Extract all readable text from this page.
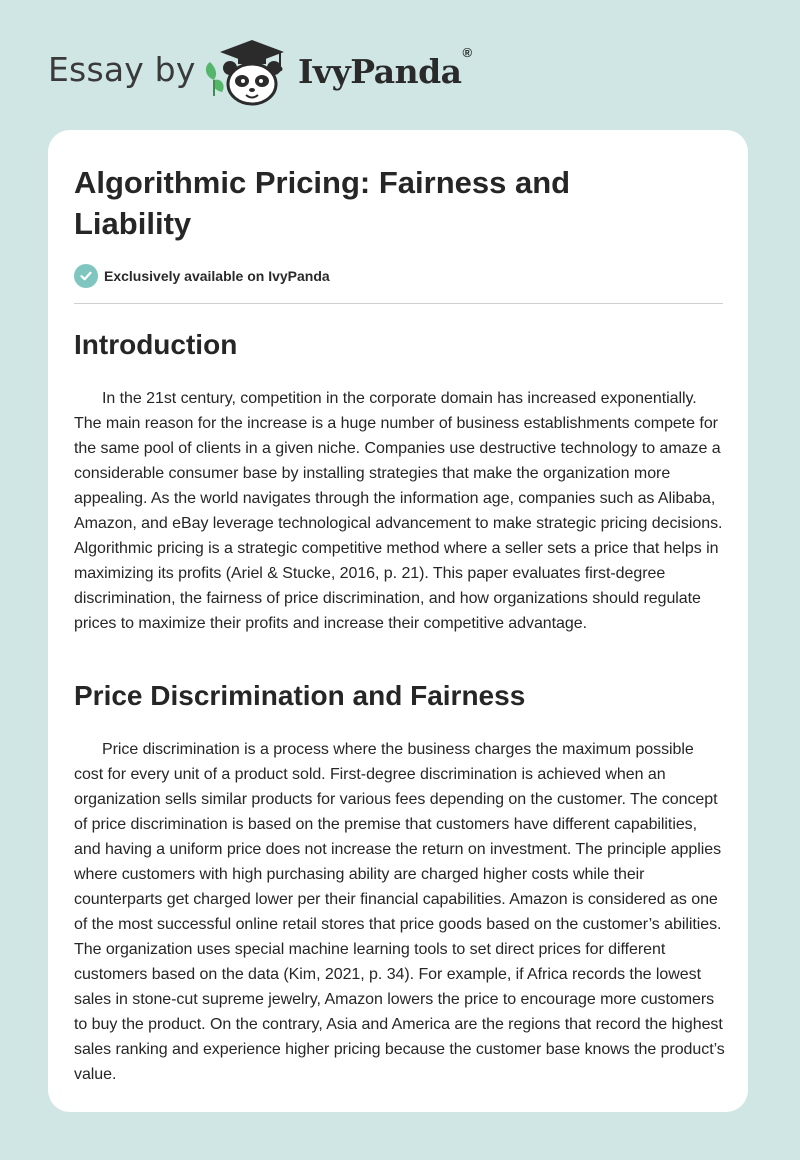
Essay by	IvyPanda®
Algorithmic Pricing: Fairness and Liability
Exclusively available on IvyPanda
Introduction

In the 21st century, competition in the corporate domain has increased exponentially. The main reason for the increase is a huge number of business establishments compete for the same pool of clients in a given niche. Companies use destructive technology to amaze a considerable consumer base by installing strategies that make the organization more appealing. As the world navigates through the information age, companies such as Alibaba, Amazon, and eBay leverage technological advancement to make strategic pricing decisions. Algorithmic pricing is a strategic competitive method where a seller sets a price that helps in maximizing its profits (Ariel & Stucke, 2016, p. 21). This paper evaluates first-degree discrimination, the fairness of price discrimination, and how organizations should regulate prices to maximize their profits and increase their competitive advantage.

Price Discrimination and Fairness

Price discrimination is a process where the business charges the maximum possible cost for every unit of a product sold. First-degree discrimination is achieved when an organization sells similar products for various fees depending on the customer. The concept of price discrimination is based on the premise that customers have different capabilities, and having a uniform price does not increase the return on investment. The principle applies where customers with high purchasing ability are charged higher costs while their counterparts get charged lower per their financial capabilities. Amazon is considered as one of the most successful online retail stores that price goods based on the customer’s abilities. The organization uses special machine learning tools to set direct prices for different customers based on the data (Kim, 2021, p. 34). For example, if Africa records the lowest sales in stone-cut supreme jewelry, Amazon lowers the price to encourage more customers to buy the product. On the contrary, Asia and America are the regions that record the highest sales ranking and experience higher pricing because the customer base knows the product’s value.
